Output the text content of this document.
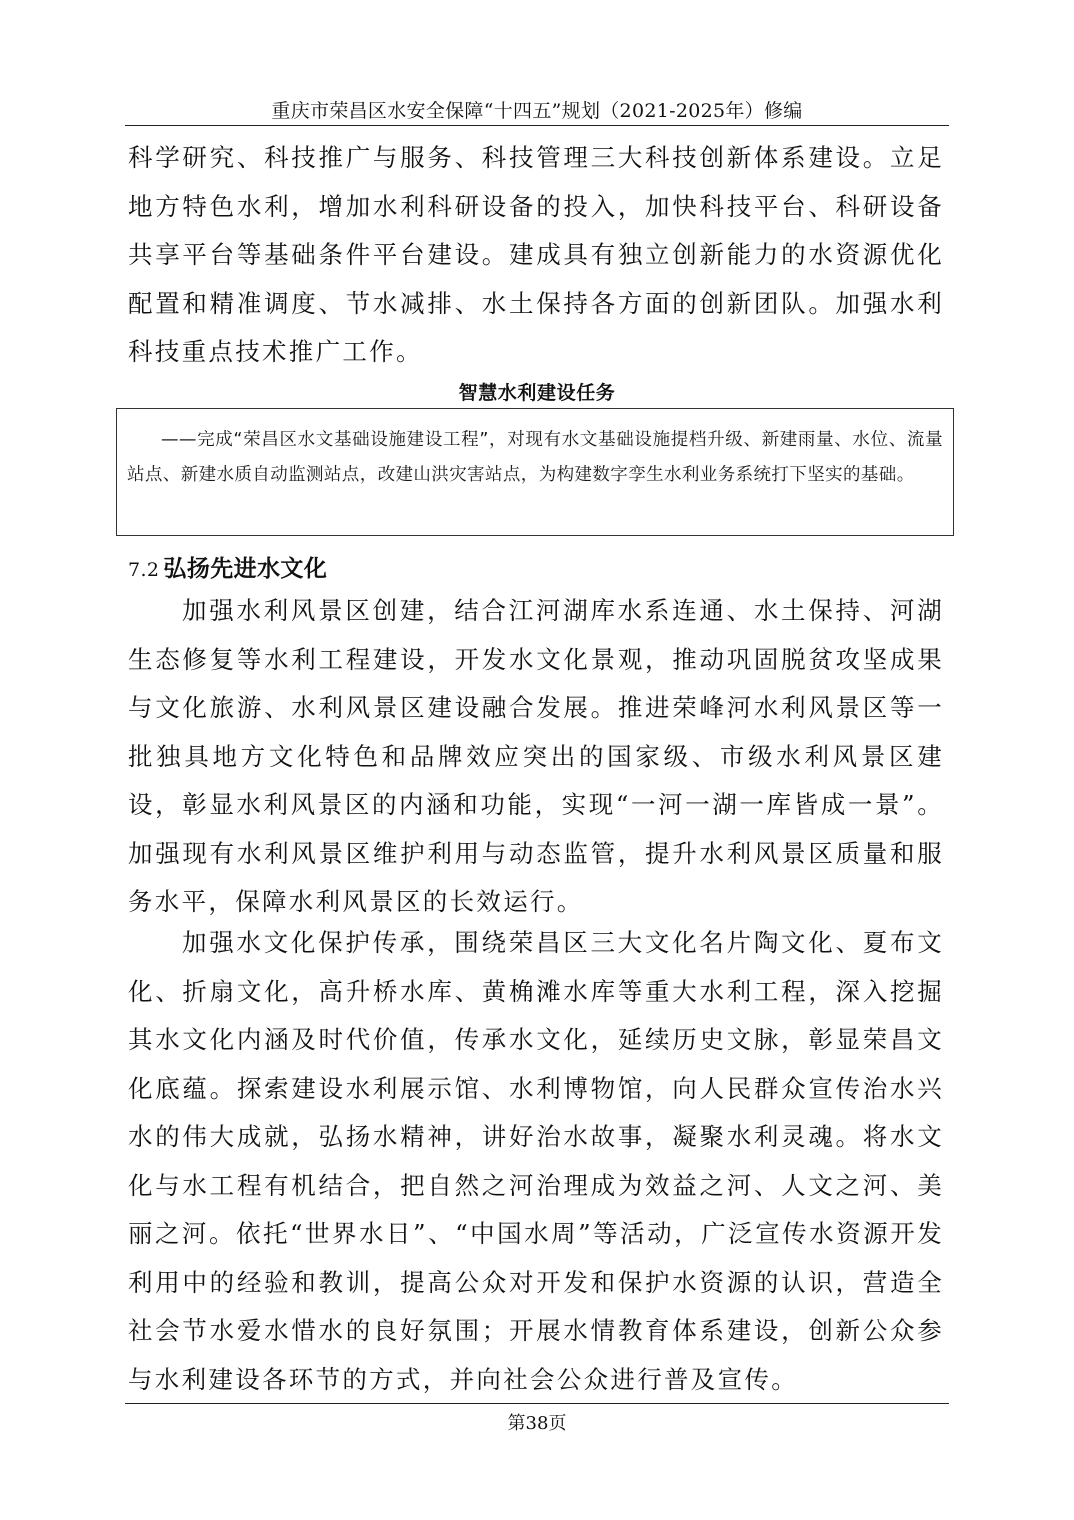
重庆市荣昌区水安全保障“十四五”规划（2021-2025年）修编

科学研究、科技推广与服务、科技管理三大科技创新体系建设。立足地方特色水利，增加水利科研设备的投入，加快科技平台、科研设备共享平台等基础条件平台建设。建成具有独立创新能力的水资源优化配置和精准调度、节水减排、水土保持各方面的创新团队。加强水利科技重点技术推广工作。

智慧水利建设任务

——完成“荣昌区水文基础设施建设工程”，对现有水文基础设施提档升级、新建雨量、水位、流量站点、新建水质自动监测站点，改建山洪灾害站点，为构建数字孪生水利业务系统打下坚实的基础。

7.2 弘扬先进水文化

加强水利风景区创建，结合江河湖库水系连通、水土保持、河湖生态修复等水利工程建设，开发水文化景观，推动巩固脱贫攻坚成果与文化旅游、水利风景区建设融合发展。推进荣峰河水利风景区等一批独具地方文化特色和品牌效应突出的国家级、市级水利风景区建设，彰显水利风景区的内涵和功能，实现“一河一湖一库皆成一景”。加强现有水利风景区维护利用与动态监管，提升水利风景区质量和服务水平，保障水利风景区的长效运行。

加强水文化保护传承，围绕荣昌区三大文化名片陶文化、夏布文化、折扇文化，高升桥水库、黄桷滩水库等重大水利工程，深入挖掘其水文化内涵及时代价值，传承水文化，延续历史文脉，彰显荣昌文化底蕴。探索建设水利展示馆、水利博物馆，向人民群众宣传治水兴水的伟大成就，弘扬水精神，讲好治水故事，凝聚水利灵魂。将水文化与水工程有机结合，把自然之河治理成为效益之河、人文之河、美丽之河。依托“世界水日”、“中国水周”等活动，广泛宣传水资源开发利用中的经验和教训，提高公众对开发和保护水资源的认识，营造全社会节水爱水惜水的良好氛围；开展水情教育体系建设，创新公众参与水利建设各环节的方式，并向社会公众进行普及宣传。

第38页
